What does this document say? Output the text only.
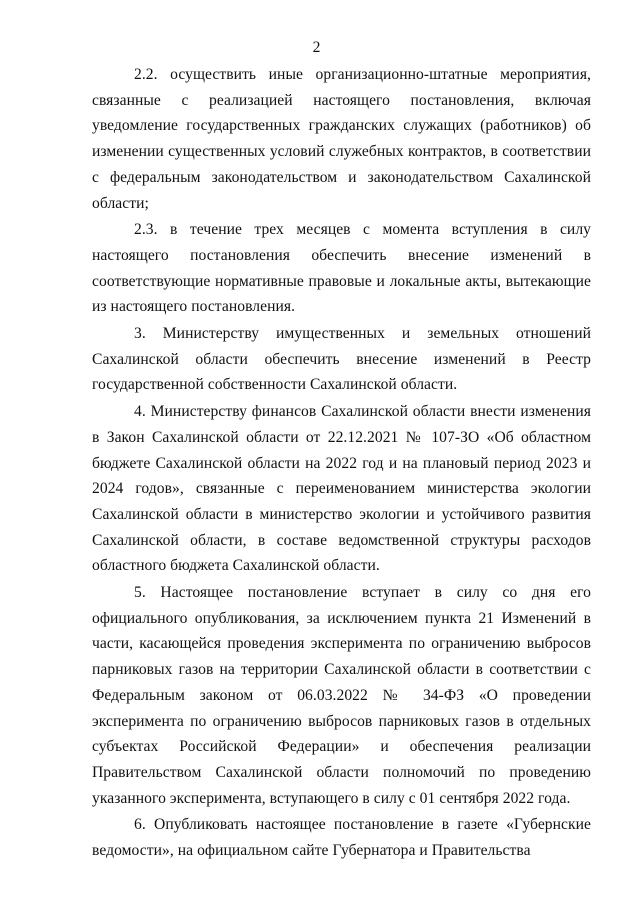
2

2.2. осуществить иные организационно-штатные мероприятия, связанные с реализацией настоящего постановления, включая уведомление государственных гражданских служащих (работников) об изменении существенных условий служебных контрактов, в соответствии с федеральным законодательством и законодательством Сахалинской области;

2.3. в течение трех месяцев с момента вступления в силу настоящего постановления обеспечить внесение изменений в соответствующие нормативные правовые и локальные акты, вытекающие из настоящего постановления.

3. Министерству имущественных и земельных отношений Сахалинской области обеспечить внесение изменений в Реестр государственной собственности Сахалинской области.

4. Министерству финансов Сахалинской области внести изменения в Закон Сахалинской области от 22.12.2021 № 107-ЗО «Об областном бюджете Сахалинской области на 2022 год и на плановый период 2023 и 2024 годов», связанные с переименованием министерства экологии Сахалинской области в министерство экологии и устойчивого развития Сахалинской области, в составе ведомственной структуры расходов областного бюджета Сахалинской области.

5. Настоящее постановление вступает в силу со дня его официального опубликования, за исключением пункта 21 Изменений в части, касающейся проведения эксперимента по ограничению выбросов парниковых газов на территории Сахалинской области в соответствии с Федеральным законом от 06.03.2022 № 34-ФЗ «О проведении эксперимента по ограничению выбросов парниковых газов в отдельных субъектах Российской Федерации» и обеспечения реализации Правительством Сахалинской области полномочий по проведению указанного эксперимента, вступающего в силу с 01 сентября 2022 года.

6. Опубликовать настоящее постановление в газете «Губернские ведомости», на официальном сайте Губернатора и Правительства
